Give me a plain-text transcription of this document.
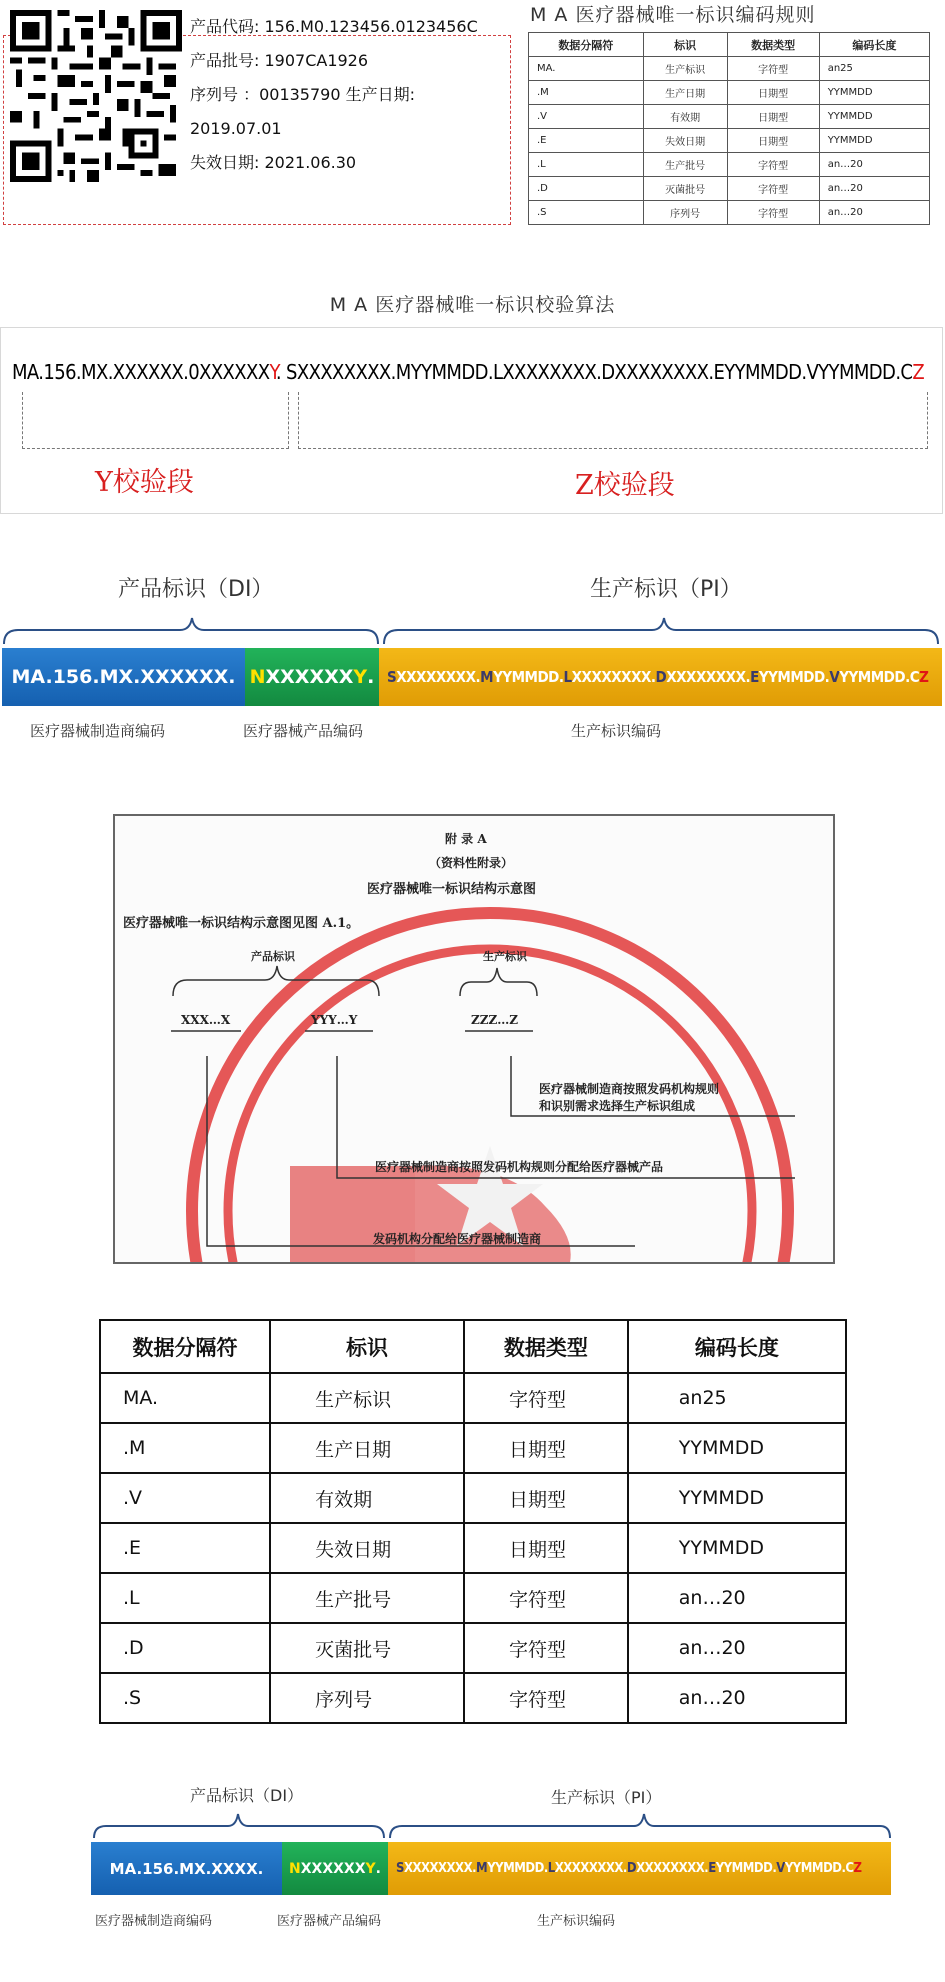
产品代码: 156.M0.123456.0123456C
产品批号: 1907CA1926
序列号 ：00135790 生产日期:
2019.07.01
失效日期: 2021.06.30
M A 医疗器械唯一标识编码规则
数据分隔符	标识	数据类型	编码长度
MA.	生产标识	字符型	an25
.M	生产日期	日期型	YYMMDD
.V	有效期	日期型	YYMMDD
.E	失效日期	日期型	YYMMDD
.L	生产批号	字符型	an…20
.D	灭菌批号	字符型	an…20
.S	序列号	字符型	an…20
M A 医疗器械唯一标识校验算法
MA.156.MX.XXXXXX.0XXXXXXY. SXXXXXXXX.MYYMMDD.LXXXXXXXX.DXXXXXXXX.EYYMMDD.VYYMMDD.CZ
Y校验段	Z校验段
产品标识（DI）	生产标识（PI）
MA.156.MX.XXXXXX. N XXXXXX Y . S XXXXXXXX. M YYMMDD. L XXXXXXXX. D XXXXXXXX. E YYMMDD. V YYMMDD.C Z
医疗器械制造商编码	医疗器械产品编码	生产标识编码
附 录 A
（资料性附录）
医疗器械唯一标识结构示意图
医疗器械唯一标识结构示意图见图 A.1。
产品标识	生产标识
XXX…X	YYY…Y	ZZZ…Z
医疗器械制造商按照发码机构规则
和识别需求选择生产标识组成
医疗器械制造商按照发码机构规则分配给医疗器械产品
发码机构分配给医疗器械制造商
数据分隔符	标识	数据类型	编码长度
MA.	生产标识	字符型	an25
.M	生产日期	日期型	YYMMDD
.V	有效期	日期型	YYMMDD
.E	失效日期	日期型	YYMMDD
.L	生产批号	字符型	an…20
.D	灭菌批号	字符型	an…20
.S	序列号	字符型	an…20
产品标识（DI）	生产标识（PI）
MA.156.MX.XXXX.	N XXXXXX Y . S XXXXXXXX. M YYMMDD. L XXXXXXXX. D XXXXXXXX. E YYMMDD. V YYMMDD.C Z
医疗器械制造商编码	医疗器械产品编码	生产标识编码
